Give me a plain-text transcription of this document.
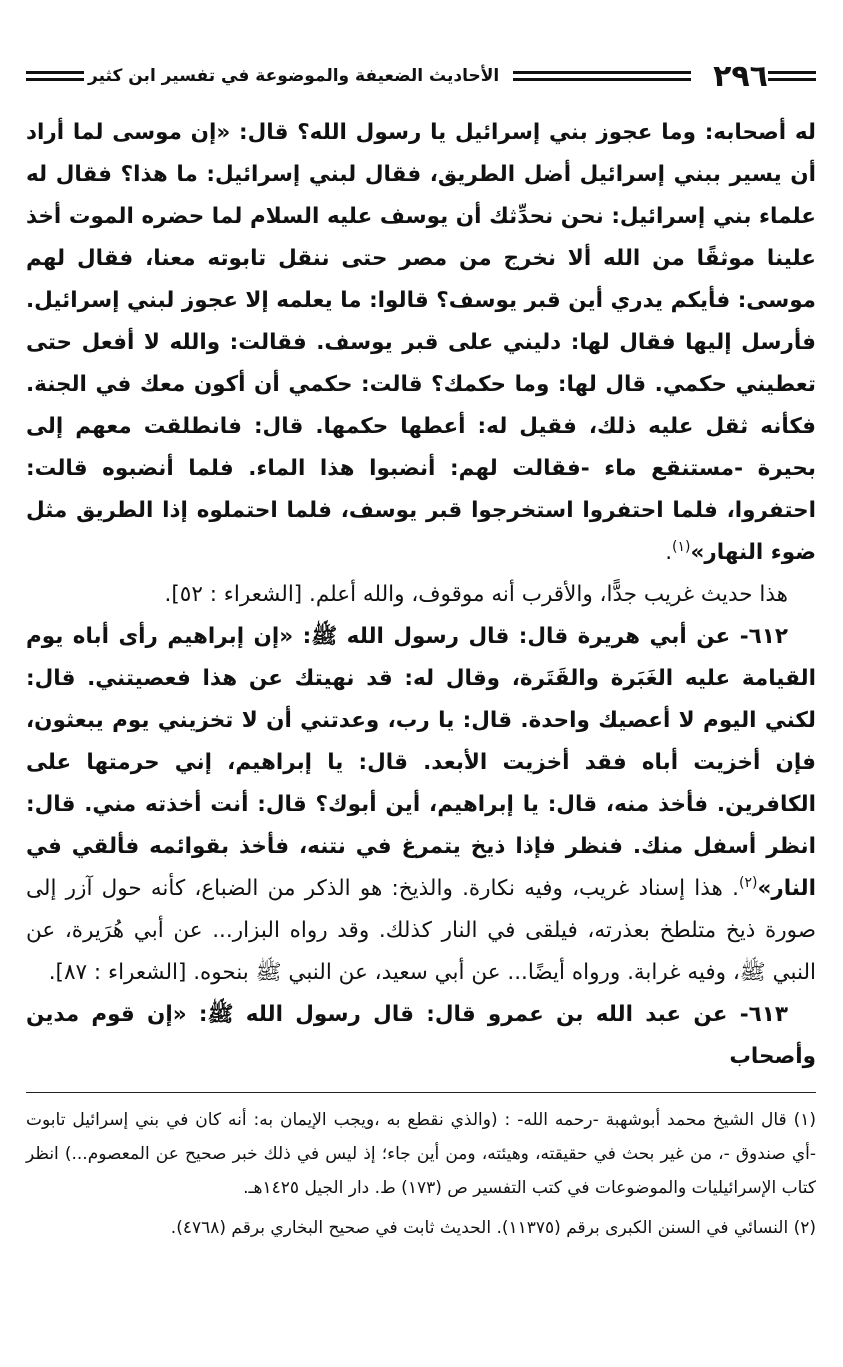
٢٩٦
الأحاديث الضعيفة والموضوعة في تفسير ابن كثير

له أصحابه: وما عجوز بني إسرائيل يا رسول الله؟ قال: «إن موسى لما أراد أن يسير ببني إسرائيل أضل الطريق، فقال لبني إسرائيل: ما هذا؟ فقال له علماء بني إسرائيل: نحن نحدِّثك أن يوسف عليه السلام لما حضره الموت أخذ علينا موثقًا من الله ألا نخرج من مصر حتى ننقل تابوته معنا، فقال لهم موسى: فأيكم يدري أين قبر يوسف؟ قالوا: ما يعلمه إلا عجوز لبني إسرائيل. فأرسل إليها فقال لها: دليني على قبر يوسف. فقالت: والله لا أفعل حتى تعطيني حكمي. قال لها: وما حكمك؟ قالت: حكمي أن أكون معك في الجنة. فكأنه ثقل عليه ذلك، فقيل له: أعطها حكمها. قال: فانطلقت معهم إلى بحيرة -مستنقع ماء -فقالت لهم: أنضبوا هذا الماء. فلما أنضبوه قالت: احتفروا، فلما احتفروا استخرجوا قبر يوسف، فلما احتملوه إذا الطريق مثل ضوء النهار»$^{(١)}$.

هذا حديث غريب جدًّا، والأقرب أنه موقوف، والله أعلم. [الشعراء : ٥٢].

٦١٢- عن أبي هريرة قال: قال رسول الله ﷺ: «إن إبراهيم رأى أباه يوم القيامة عليه الغَبَرة والقَتَرة، وقال له: قد نهيتك عن هذا فعصيتني. قال: لكني اليوم لا أعصيك واحدة. قال: يا رب، وعدتني أن لا تخزيني يوم يبعثون، فإن أخزيت أباه فقد أخزيت الأبعد. قال: يا إبراهيم، إني حرمتها على الكافرين. فأخذ منه، قال: يا إبراهيم، أين أبوك؟ قال: أنت أخذته مني. قال: انظر أسفل منك. فنظر فإذا ذيخ يتمرغ في نتنه، فأخذ بقوائمه فألقي في النار»$^{(٢)}$. هذا إسناد غريب، وفيه نكارة. والذيخ: هو الذكر من الضباع، كأنه حول آزر إلى صورة ذيخ متلطخ بعذرته، فيلقى في النار كذلك. وقد رواه البزار... عن أبي هُرَيرة، عن النبي ﷺ، وفيه غرابة. ورواه أيضًا... عن أبي سعيد، عن النبي ﷺ بنحوه. [الشعراء : ٨٧].

٦١٣- عن عبد الله بن عمرو قال: قال رسول الله ﷺ: «إن قوم مدين وأصحاب

(١) قال الشيخ محمد أبوشهبة -رحمه الله- : (والذي نقطع به ،ويجب الإيمان به: أنه كان في بني إسرائيل تابوت -أي صندوق -، من غير بحث في حقيقته، وهيئته، ومن أين جاء؛ إذ ليس في ذلك خبر صحيح عن المعصوم...) انظر كتاب الإسرائيليات والموضوعات في كتب التفسير ص (١٧٣) ط. دار الجيل ١٤٢٥هـ.

(٢) النسائي في السنن الكبرى برقم (١١٣٧٥). الحديث ثابت في صحيح البخاري برقم (٤٧٦٨).
